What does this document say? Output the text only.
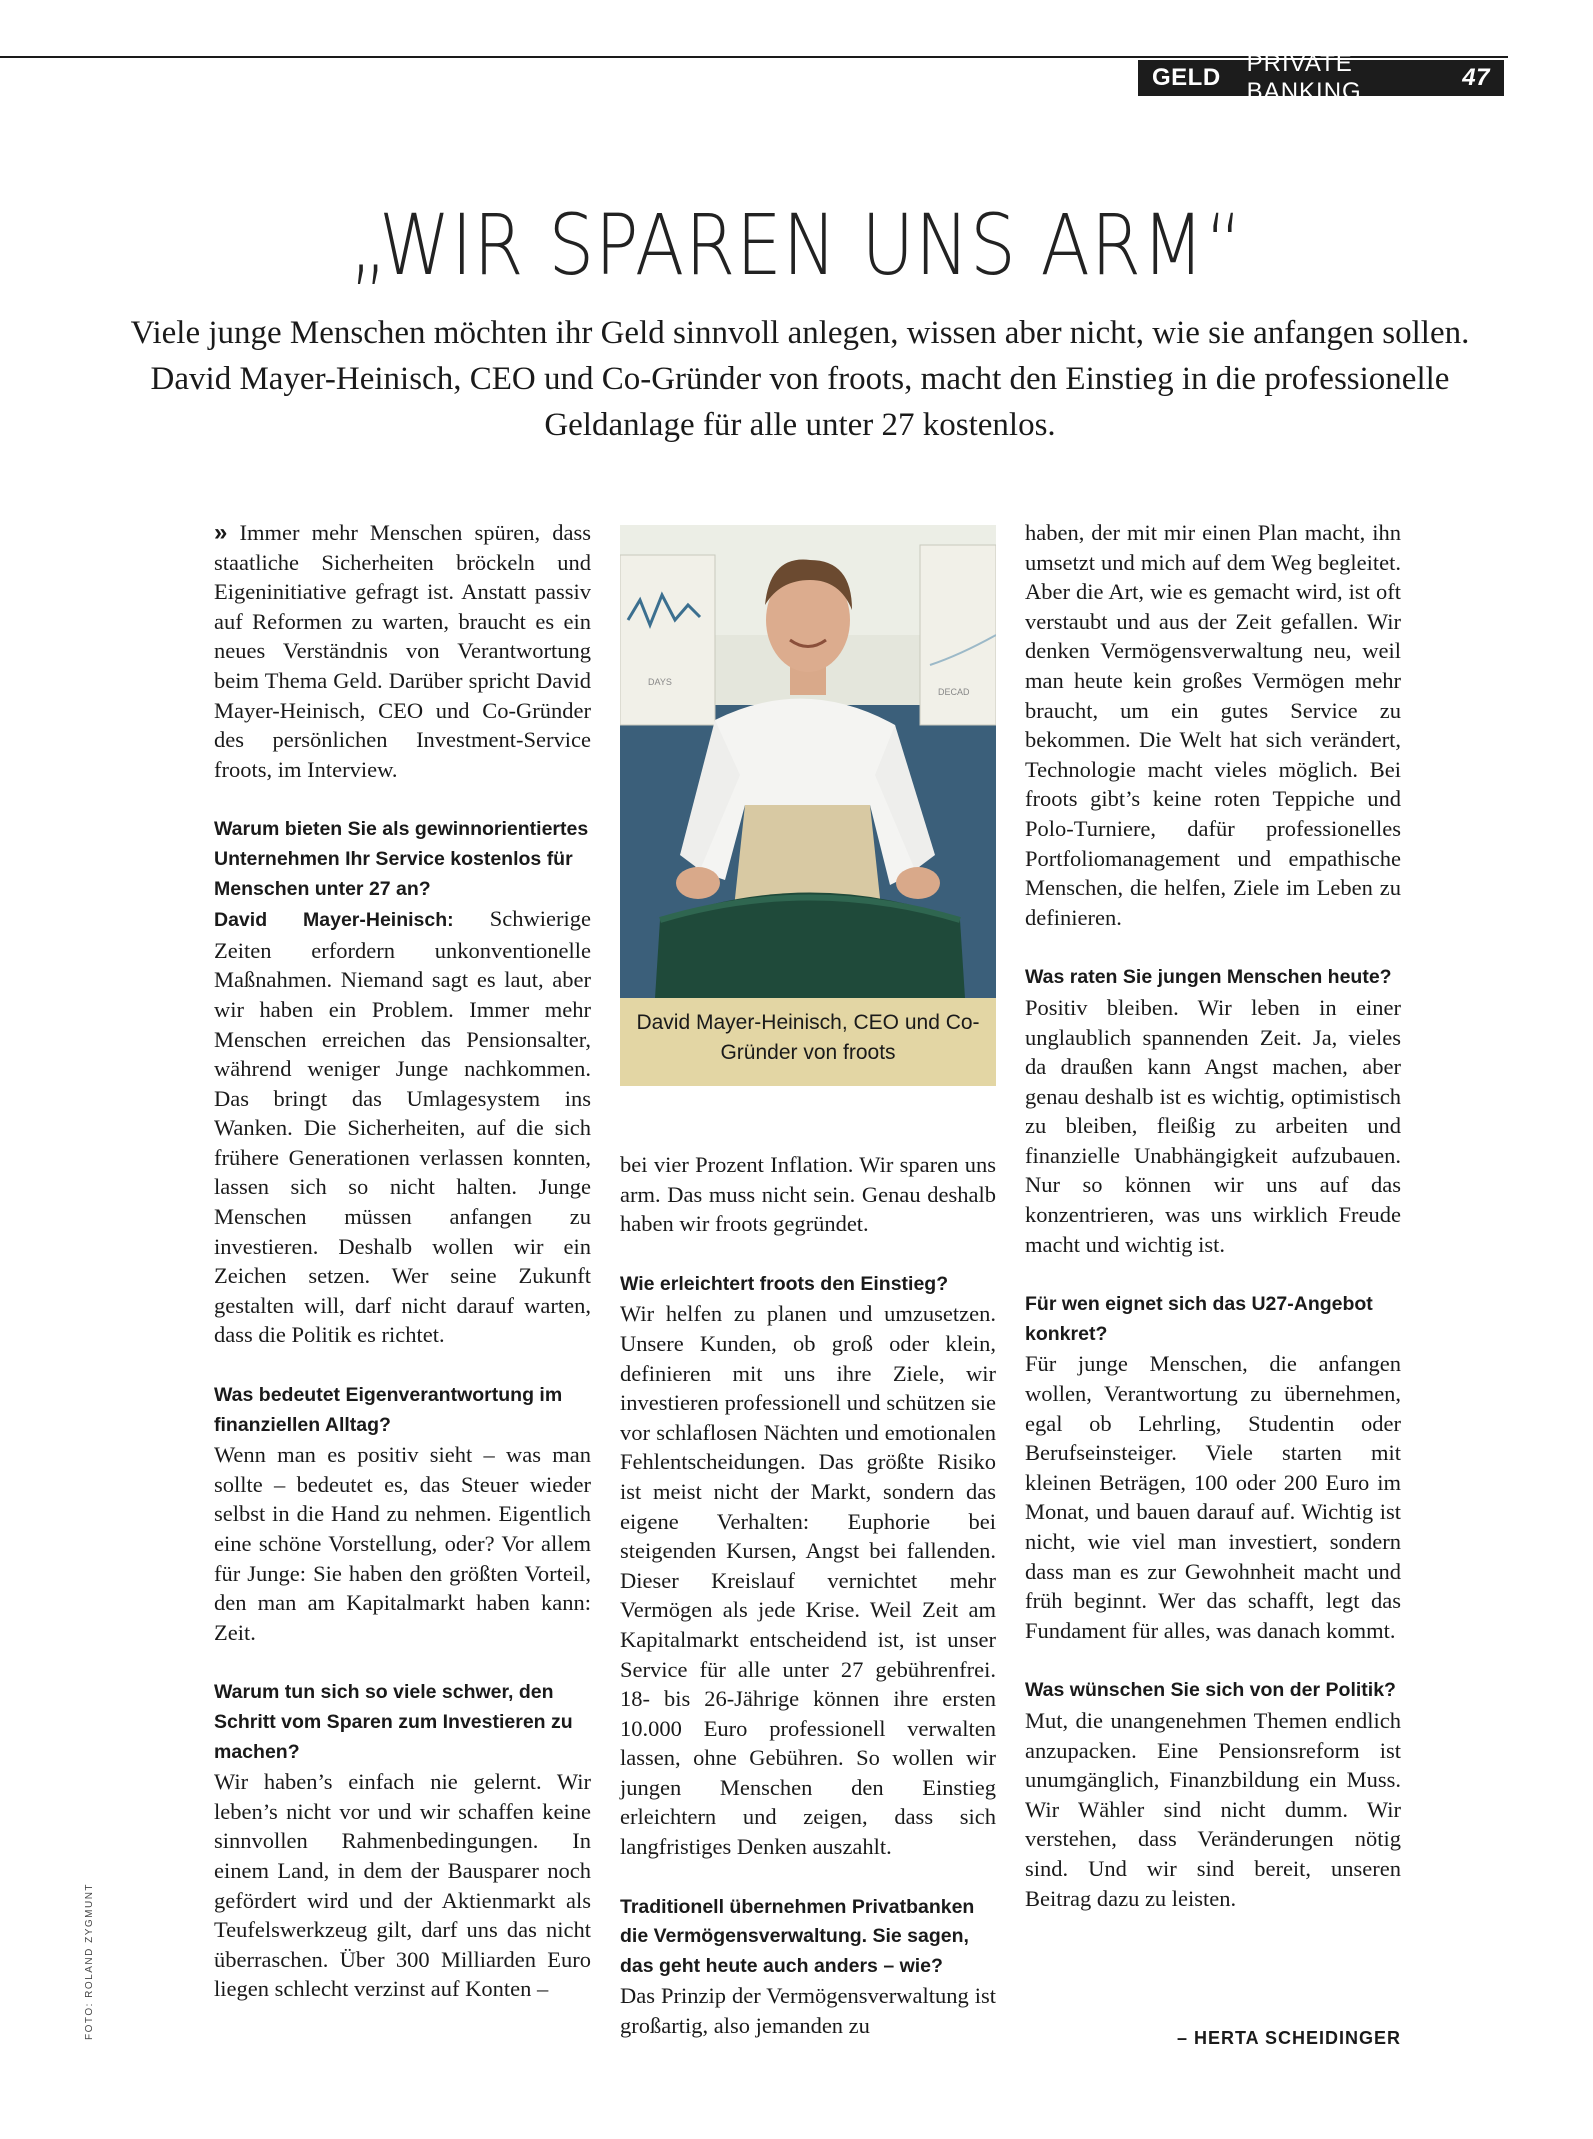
GELD
PRIVATE BANKING
47
„WIR SPAREN UNS ARM“
Viele junge Menschen möchten ihr Geld sinnvoll anlegen, wissen aber nicht, wie sie anfangen sollen. David Mayer-Heinisch, CEO und Co-Gründer von froots, macht den Einstieg in die professionelle Geldanlage für alle unter 27 kostenlos.

» Immer mehr Menschen spüren, dass staatliche Sicherheiten bröckeln und Eigeninitiative gefragt ist. Anstatt passiv auf Reformen zu warten, braucht es ein neues Verständnis von Verantwortung beim Thema Geld. Darüber spricht David Mayer-Heinisch, CEO und Co-Gründer des persönlichen Investment-Service froots, im Interview.

Warum bieten Sie als gewinnorientiertes Unternehmen Ihr Service kostenlos für Menschen unter 27 an?

David Mayer-Heinisch: Schwierige Zeiten erfordern unkonventionelle Maßnahmen. Niemand sagt es laut, aber wir haben ein Problem. Immer mehr Menschen erreichen das Pensionsalter, während weniger Junge nachkommen. Das bringt das Umlagesystem ins Wanken. Die Sicherheiten, auf die sich frühere Generationen verlassen konnten, lassen sich so nicht halten. Junge Menschen müssen anfangen zu investieren. Deshalb wollen wir ein Zeichen setzen. Wer seine Zukunft gestalten will, darf nicht darauf warten, dass die Politik es richtet.

Was bedeutet Eigenverantwortung im finanziellen Alltag?

Wenn man es positiv sieht – was man sollte – bedeutet es, das Steuer wieder selbst in die Hand zu nehmen. Eigentlich eine schöne Vorstellung, oder? Vor allem für Junge: Sie haben den größten Vorteil, den man am Kapitalmarkt haben kann: Zeit.

Warum tun sich so viele schwer, den Schritt vom Sparen zum Investieren zu machen?

Wir haben’s einfach nie gelernt. Wir leben’s nicht vor und wir schaffen keine sinnvollen Rahmenbedingungen. In einem Land, in dem der Bausparer noch gefördert wird und der Aktienmarkt als Teufelswerkzeug gilt, darf uns das nicht überraschen. Über 300 Milliarden Euro liegen schlecht verzinst auf Konten –

DAYS
DECAD
David Mayer-Heinisch, CEO und Co-Gründer von froots

bei vier Prozent Inflation. Wir sparen uns arm. Das muss nicht sein. Genau deshalb haben wir froots gegründet.

Wie erleichtert froots den Einstieg?

Wir helfen zu planen und umzusetzen. Unsere Kunden, ob groß oder klein, definieren mit uns ihre Ziele, wir investieren professionell und schützen sie vor schlaflosen Nächten und emotionalen Fehlentscheidungen. Das größte Risiko ist meist nicht der Markt, sondern das eigene Verhalten: Euphorie bei steigenden Kursen, Angst bei fallenden. Dieser Kreislauf vernichtet mehr Vermögen als jede Krise. Weil Zeit am Kapitalmarkt entscheidend ist, ist unser Service für alle unter 27 gebührenfrei. 18- bis 26-Jährige können ihre ersten 10.000 Euro professionell verwalten lassen, ohne Gebühren. So wollen wir jungen Menschen den Einstieg erleichtern und zeigen, dass sich langfristiges Denken auszahlt.

Traditionell übernehmen Privatbanken die Vermögensverwaltung. Sie sagen, das geht heute auch anders – wie?

Das Prinzip der Vermögensverwaltung ist großartig, also jemanden zu

haben, der mit mir einen Plan macht, ihn umsetzt und mich auf dem Weg begleitet. Aber die Art, wie es gemacht wird, ist oft verstaubt und aus der Zeit gefallen. Wir denken Vermögensverwaltung neu, weil man heute kein großes Vermögen mehr braucht, um ein gutes Service zu bekommen. Die Welt hat sich verändert, Technologie macht vieles möglich. Bei froots gibt’s keine roten Teppiche und Polo-Turniere, dafür professionelles Portfoliomanagement und empathische Menschen, die helfen, Ziele im Leben zu definieren.

Was raten Sie jungen Menschen heute?

Positiv bleiben. Wir leben in einer unglaublich spannenden Zeit. Ja, vieles da draußen kann Angst machen, aber genau deshalb ist es wichtig, optimistisch zu bleiben, fleißig zu arbeiten und finanzielle Unabhängigkeit aufzubauen. Nur so können wir uns auf das konzentrieren, was uns wirklich Freude macht und wichtig ist.

Für wen eignet sich das U27-Angebot konkret?

Für junge Menschen, die anfangen wollen, Verantwortung zu übernehmen, egal ob Lehrling, Studentin oder Berufseinsteiger. Viele starten mit kleinen Beträgen, 100 oder 200 Euro im Monat, und bauen darauf auf. Wichtig ist nicht, wie viel man investiert, sondern dass man es zur Gewohnheit macht und früh beginnt. Wer das schafft, legt das Fundament für alles, was danach kommt.

Was wünschen Sie sich von der Politik?

Mut, die unangenehmen Themen endlich anzupacken. Eine Pensionsreform ist unumgänglich, Finanzbildung ein Muss. Wir Wähler sind nicht dumm. Wir verstehen, dass Veränderungen nötig sind. Und wir sind bereit, unseren Beitrag dazu zu leisten.

– HERTA SCHEIDINGER
FOTO: ROLAND ZYGMUNT
